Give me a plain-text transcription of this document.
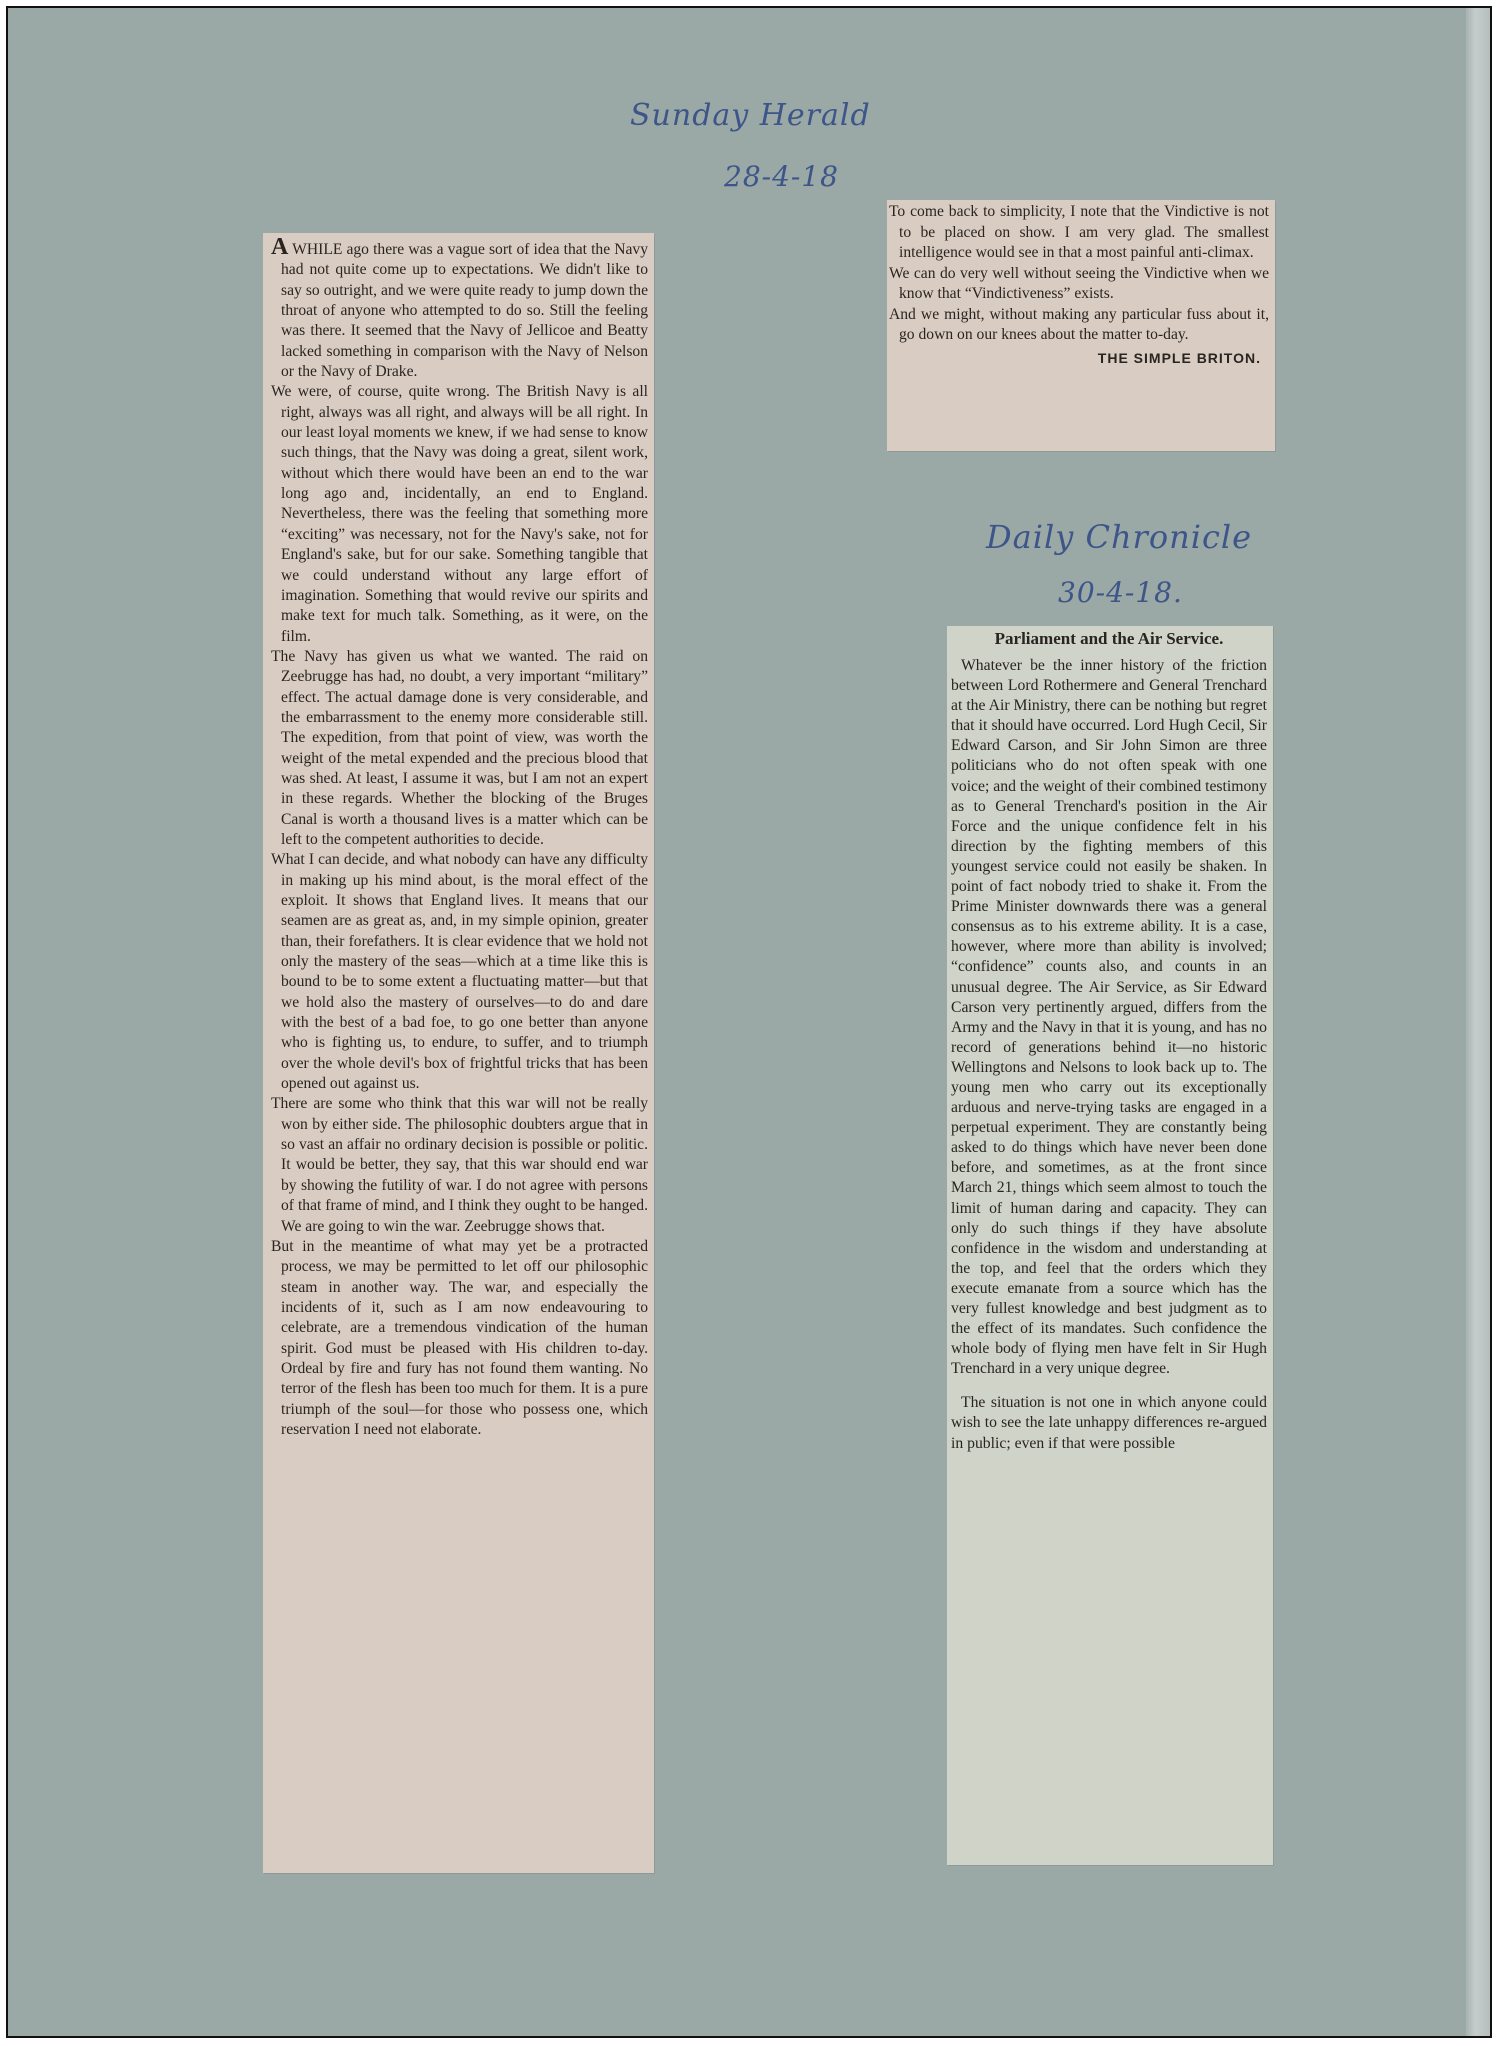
Sunday Herald
28-4-18
Daily Chronicle
30-4-18.

A WHILE ago there was a vague sort of idea that the Navy had not quite come up to expectations. We didn't like to say so outright, and we were quite ready to jump down the throat of anyone who attempted to do so. Still the feeling was there. It seemed that the Navy of Jellicoe and Beatty lacked something in comparison with the Navy of Nelson or the Navy of Drake.

We were, of course, quite wrong. The British Navy is all right, always was all right, and always will be all right. In our least loyal moments we knew, if we had sense to know such things, that the Navy was doing a great, silent work, without which there would have been an end to the war long ago and, incidentally, an end to England. Nevertheless, there was the feeling that something more “exciting” was necessary, not for the Navy's sake, not for England's sake, but for our sake. Something tangible that we could understand without any large effort of imagination. Something that would revive our spirits and make text for much talk. Something, as it were, on the film.

The Navy has given us what we wanted. The raid on Zeebrugge has had, no doubt, a very important “military” effect. The actual damage done is very considerable, and the embarrassment to the enemy more considerable still. The expedition, from that point of view, was worth the weight of the metal expended and the precious blood that was shed. At least, I assume it was, but I am not an expert in these regards. Whether the blocking of the Bruges Canal is worth a thousand lives is a matter which can be left to the competent authorities to decide.

What I can decide, and what nobody can have any difficulty in making up his mind about, is the moral effect of the exploit. It shows that England lives. It means that our seamen are as great as, and, in my simple opinion, greater than, their forefathers. It is clear evidence that we hold not only the mastery of the seas—which at a time like this is bound to be to some extent a fluctuating matter—but that we hold also the mastery of ourselves—to do and dare with the best of a bad foe, to go one better than anyone who is fighting us, to endure, to suffer, and to triumph over the whole devil's box of frightful tricks that has been opened out against us.

There are some who think that this war will not be really won by either side. The philosophic doubters argue that in so vast an affair no ordinary decision is possible or politic. It would be better, they say, that this war should end war by showing the futility of war. I do not agree with persons of that frame of mind, and I think they ought to be hanged. We are going to win the war. Zeebrugge shows that.

But in the meantime of what may yet be a protracted process, we may be permitted to let off our philosophic steam in another way. The war, and especially the incidents of it, such as I am now endeavouring to celebrate, are a tremendous vindication of the human spirit. God must be pleased with His children to-day. Ordeal by fire and fury has not found them wanting. No terror of the flesh has been too much for them. It is a pure triumph of the soul—for those who possess one, which reservation I need not elaborate.

To come back to simplicity, I note that the Vindictive is not to be placed on show. I am very glad. The smallest intelligence would see in that a most painful anti-climax.

We can do very well without seeing the Vindictive when we know that “Vindictiveness” exists.

And we might, without making any particular fuss about it, go down on our knees about the matter to-day.

THE SIMPLE BRITON.
Parliament and the Air Service.

Whatever be the inner history of the friction between Lord Rothermere and General Trenchard at the Air Ministry, there can be nothing but regret that it should have occurred. Lord Hugh Cecil, Sir Edward Carson, and Sir John Simon are three politicians who do not often speak with one voice; and the weight of their combined testimony as to General Trenchard's position in the Air Force and the unique confidence felt in his direction by the fighting members of this youngest service could not easily be shaken. In point of fact nobody tried to shake it. From the Prime Minister downwards there was a general consensus as to his extreme ability. It is a case, however, where more than ability is involved; “confidence” counts also, and counts in an unusual degree. The Air Service, as Sir Edward Carson very pertinently argued, differs from the Army and the Navy in that it is young, and has no record of generations behind it—no historic Wellingtons and Nelsons to look back up to. The young men who carry out its exceptionally arduous and nerve-trying tasks are engaged in a perpetual experiment. They are constantly being asked to do things which have never been done before, and sometimes, as at the front since March 21, things which seem almost to touch the limit of human daring and capacity. They can only do such things if they have absolute confidence in the wisdom and understanding at the top, and feel that the orders which they execute emanate from a source which has the very fullest knowledge and best judgment as to the effect of its mandates. Such confidence the whole body of flying men have felt in Sir Hugh Trenchard in a very unique degree.

The situation is not one in which anyone could wish to see the late unhappy differences re-argued in public; even if that were possible
